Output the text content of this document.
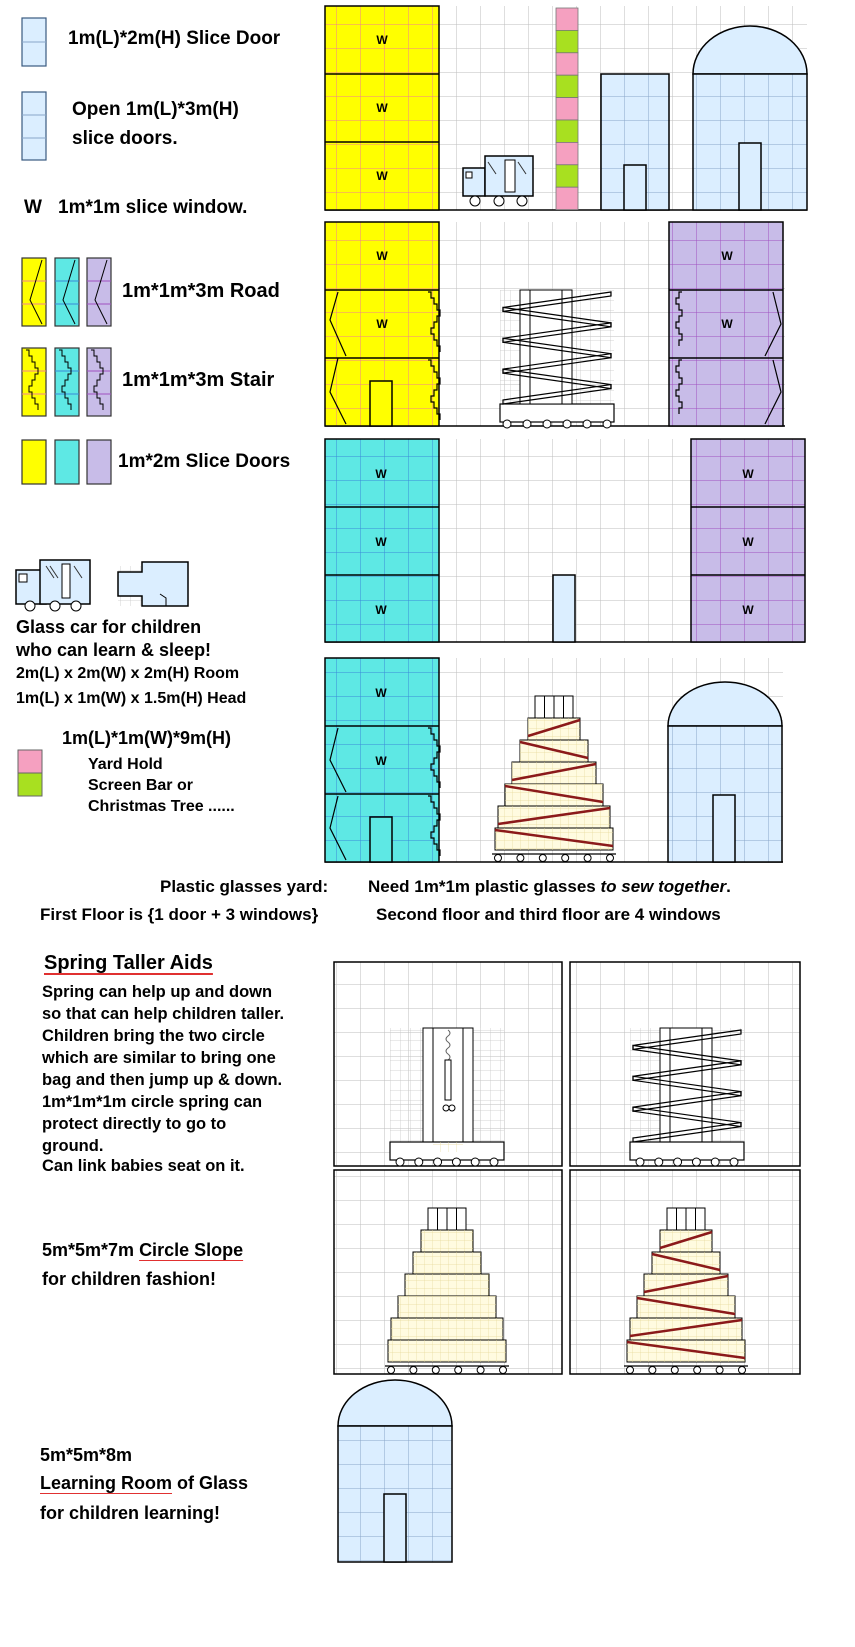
W
W
W
W
W
W
W
W
W
W
W
W
W
W
W
1m(L)*2m(H) Slice Door
Open 1m(L)*3m(H)
slice doors.
W 1m*1m slice window.
1m*1m*3m Road
1m*1m*3m Stair
1m*2m Slice Doors
Glass car for children
who can learn & sleep!
2m(L) x 2m(W) x 2m(H) Room
1m(L) x 1m(W) x 1.5m(H) Head
1m(L)*1m(W)*9m(H)
Yard Hold
Screen Bar or
Christmas Tree ......
Plastic glasses yard: Need 1m*1m plastic glasses to sew together.
First Floor is {1 door + 3 windows}	Second floor and third floor are 4 windows
Spring Taller Aids
Spring can help up and down
so that can help children taller.
Children bring the two circle
which are similar to bring one
bag and then jump up & down.
1m*1m*1m circle spring can
protect directly to go to
ground.
Can link babies seat on it.
5m*5m*7m Circle Slope
for children fashion!
5m*5m*8m
Learning Room of Glass
for children learning!
